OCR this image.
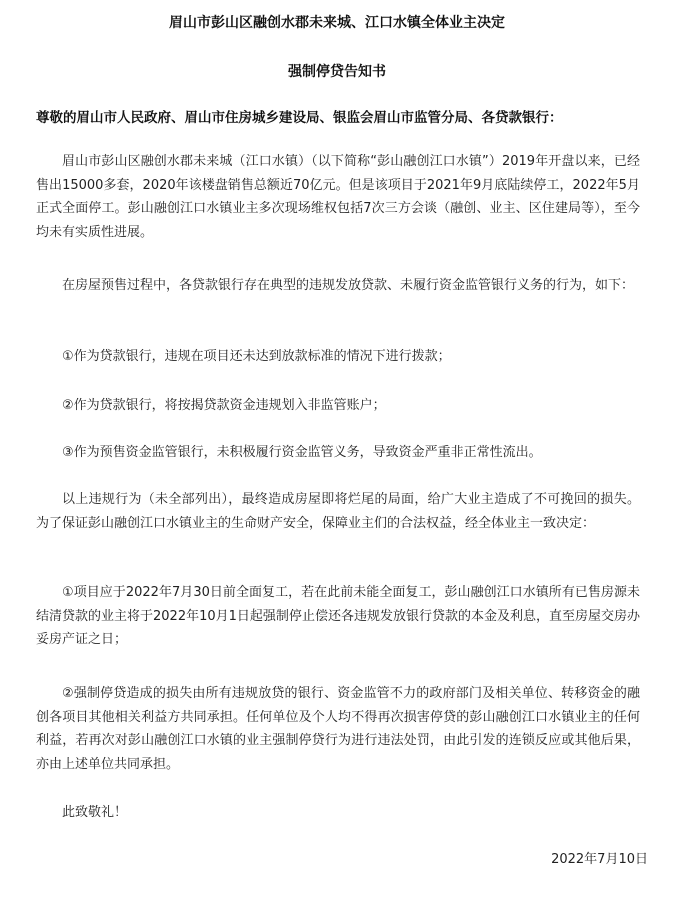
眉山市彭山区融创水郡未来城、江口水镇全体业主决定
强制停贷告知书
尊敬的眉山市人民政府、眉山市住房城乡建设局、银监会眉山市监管分局、各贷款银行：

眉山市彭山区融创水郡未来城（江口水镇）（以下简称“彭山融创江口水镇”）2019年开盘以来，已经售出15000多套，2020年该楼盘销售总额近70亿元。但是该项目于2021年9月底陆续停工，2022年5月正式全面停工。彭山融创江口水镇业主多次现场维权包括7次三方会谈（融创、业主、区住建局等），至今均未有实质性进展。

在房屋预售过程中，各贷款银行存在典型的违规发放贷款、未履行资金监管银行义务的行为，如下：

①作为贷款银行，违规在项目还未达到放款标准的情况下进行拨款；

②作为贷款银行，将按揭贷款资金违规划入非监管账户；

③作为预售资金监管银行，未积极履行资金监管义务，导致资金严重非正常性流出。

以上违规行为（未全部列出），最终造成房屋即将烂尾的局面，给广大业主造成了不可挽回的损失。为了保证彭山融创江口水镇业主的生命财产安全，保障业主们的合法权益，经全体业主一致决定：

①项目应于2022年7月30日前全面复工，若在此前未能全面复工，彭山融创江口水镇所有已售房源未结清贷款的业主将于2022年10月1日起强制停止偿还各违规发放银行贷款的本金及利息，直至房屋交房办妥房产证之日；

②强制停贷造成的损失由所有违规放贷的银行、资金监管不力的政府部门及相关单位、转移资金的融创各项目其他相关利益方共同承担。任何单位及个人均不得再次损害停贷的彭山融创江口水镇业主的任何利益，若再次对彭山融创江口水镇的业主强制停贷行为进行违法处罚，由此引发的连锁反应或其他后果，亦由上述单位共同承担。

此致敬礼！

2022年7月10日
